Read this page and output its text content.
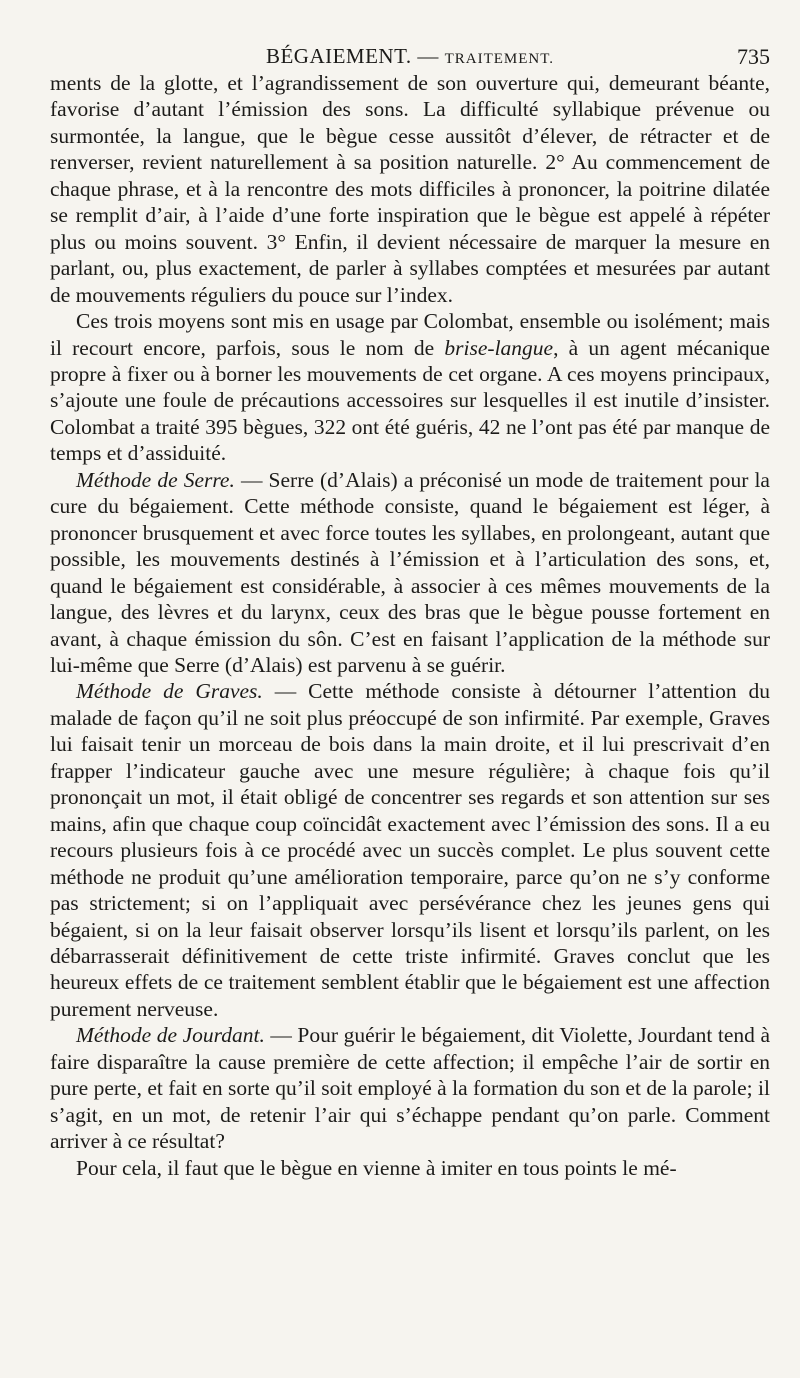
BÉGAIEMENT. — TRAITEMENT.	735

ments de la glotte, et l’agrandissement de son ouverture qui, demeurant béante, favorise d’autant l’émission des sons. La difficulté syllabique prévenue ou surmontée, la langue, que le bègue cesse aussitôt d’élever, de rétracter et de renverser, revient naturellement à sa position naturelle. 2° Au commencement de chaque phrase, et à la rencontre des mots difficiles à prononcer, la poitrine dilatée se remplit d’air, à l’aide d’une forte inspiration que le bègue est appelé à répéter plus ou moins souvent. 3° Enfin, il devient nécessaire de marquer la mesure en parlant, ou, plus exactement, de parler à syllabes comptées et mesurées par autant de mouvements réguliers du pouce sur l’index.

Ces trois moyens sont mis en usage par Colombat, ensemble ou isolément; mais il recourt encore, parfois, sous le nom de brise-langue, à un agent mécanique propre à fixer ou à borner les mouvements de cet organe. A ces moyens principaux, s’ajoute une foule de précautions accessoires sur lesquelles il est inutile d’insister. Colombat a traité 395 bègues, 322 ont été guéris, 42 ne l’ont pas été par manque de temps et d’assiduité.

Méthode de Serre. — Serre (d’Alais) a préconisé un mode de traitement pour la cure du bégaiement. Cette méthode consiste, quand le bégaiement est léger, à prononcer brusquement et avec force toutes les syllabes, en prolongeant, autant que possible, les mouvements destinés à l’émission et à l’articulation des sons, et, quand le bégaiement est considérable, à associer à ces mêmes mouvements de la langue, des lèvres et du larynx, ceux des bras que le bègue pousse fortement en avant, à chaque émission du sôn. C’est en faisant l’application de la méthode sur lui-même que Serre (d’Alais) est parvenu à se guérir.

Méthode de Graves. — Cette méthode consiste à détourner l’attention du malade de façon qu’il ne soit plus préoccupé de son infirmité. Par exemple, Graves lui faisait tenir un morceau de bois dans la main droite, et il lui prescrivait d’en frapper l’indicateur gauche avec une mesure régulière; à chaque fois qu’il prononçait un mot, il était obligé de concentrer ses regards et son attention sur ses mains, afin que chaque coup coïncidât exactement avec l’émission des sons. Il a eu recours plusieurs fois à ce procédé avec un succès complet. Le plus souvent cette méthode ne produit qu’une amélioration temporaire, parce qu’on ne s’y conforme pas strictement; si on l’appliquait avec persévérance chez les jeunes gens qui bégaient, si on la leur faisait observer lorsqu’ils lisent et lorsqu’ils parlent, on les débarrasserait définitivement de cette triste infirmité. Graves conclut que les heureux effets de ce traitement semblent établir que le bégaiement est une affection purement nerveuse.

Méthode de Jourdant. — Pour guérir le bégaiement, dit Violette, Jourdant tend à faire disparaître la cause première de cette affection; il empêche l’air de sortir en pure perte, et fait en sorte qu’il soit employé à la formation du son et de la parole; il s’agit, en un mot, de retenir l’air qui s’échappe pendant qu’on parle. Comment arriver à ce résultat?

Pour cela, il faut que le bègue en vienne à imiter en tous points le mé-
